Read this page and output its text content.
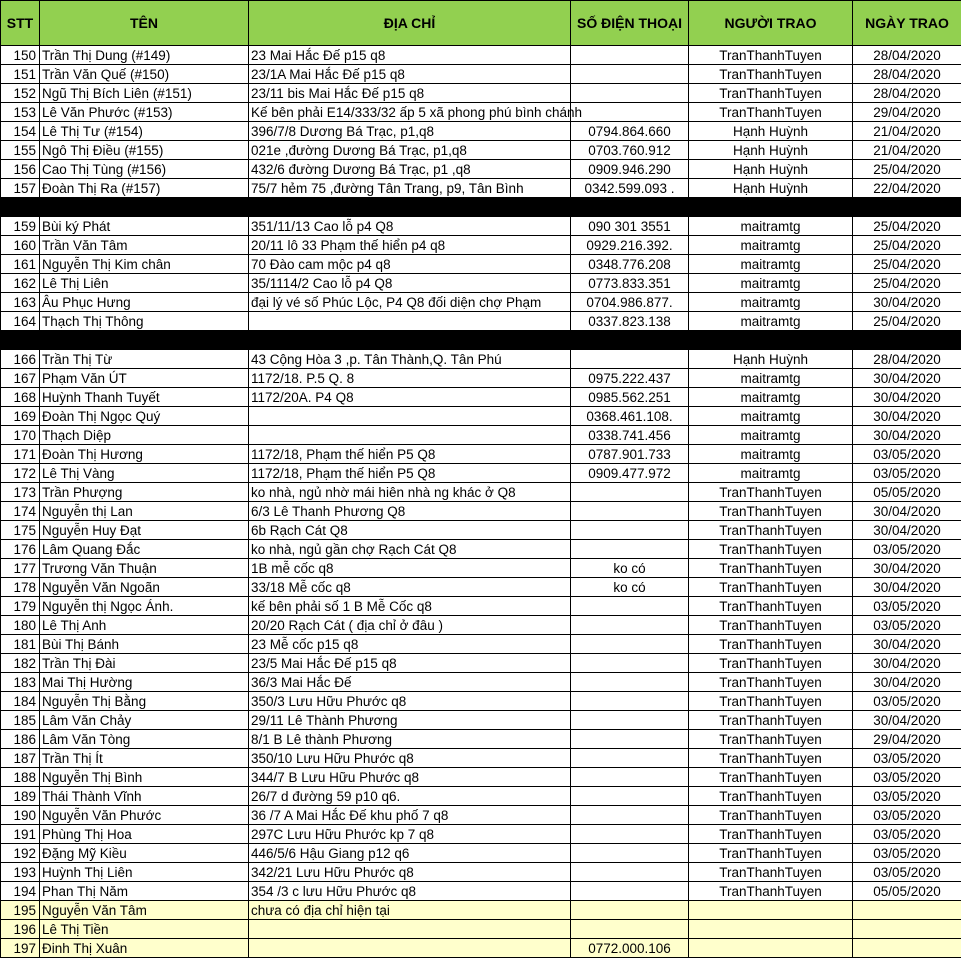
STT	TÊN	ĐỊA CHỈ	SỐ ĐIỆN THOẠI	NGƯỜI TRAO	NGÀY TRAO
150	Trần Thị Dung (#149)	23 Mai Hắc Đế p15 q8		TranThanhTuyen	28/04/2020
151	Trần Văn Quế (#150)	23/1A Mai Hắc Đế p15 q8		TranThanhTuyen	28/04/2020
152	Ngũ Thị Bích Liên (#151)	23/11 bis Mai Hắc Đế p15 q8		TranThanhTuyen	28/04/2020
153	Lê Văn Phước (#153)	Kế bên phải E14/333/32 ấp 5 xã phong phú bình chánh		TranThanhTuyen	29/04/2020
154	Lê Thị Tư (#154)	396/7/8 Dương Bá Trạc, p1,q8	0794.864.660	Hạnh Huỳnh	21/04/2020
155	Ngô Thị Điều (#155)	021e ,đường Dương Bá Trạc, p1,q8	0703.760.912	Hạnh Huỳnh	21/04/2020
156	Cao Thị Tùng (#156)	432/6 đường Dương Bá Trạc, p1 ,q8	0909.946.290	Hạnh Huỳnh	25/04/2020
157	Đoàn Thị Ra (#157)	75/7 hẻm 75 ,đường Tân Trang, p9, Tân Bình	0342.599.093 .	Hạnh Huỳnh	22/04/2020

159	Bùi ký Phát	351/11/13 Cao lỗ p4 Q8	090 301 3551	maitramtg	25/04/2020
160	Trần Văn Tâm	20/11 lô 33 Phạm thế hiển p4 q8	0929.216.392.	maitramtg	25/04/2020
161	Nguyễn Thị Kim chân	70 Đào cam mộc p4 q8	0348.776.208	maitramtg	25/04/2020
162	Lê Thị Liên	35/1114/2 Cao lỗ p4 Q8	0773.833.351	maitramtg	25/04/2020
163	Âu Phục Hưng	đại lý vé số Phúc Lộc, P4 Q8 đối diện chợ Phạm	0704.986.877.	maitramtg	30/04/2020
164	Thạch Thị Thông		0337.823.138	maitramtg	25/04/2020

166	Trần Thị Từ	43 Cộng Hòa 3 ,p. Tân Thành,Q. Tân Phú		Hạnh Huỳnh	28/04/2020
167	Phạm Văn ÚT	1172/18. P.5 Q. 8	0975.222.437	maitramtg	30/04/2020
168	Huỳnh Thanh Tuyết	1172/20A. P4 Q8	0985.562.251	maitramtg	30/04/2020
169	Đoàn Thị Ngọc Quý		0368.461.108.	maitramtg	30/04/2020
170	Thạch Diệp		0338.741.456	maitramtg	30/04/2020
171	Đoàn Thị Hương	1172/18, Phạm thế hiển P5 Q8	0787.901.733	maitramtg	03/05/2020
172	Lê Thị Vàng	1172/18, Phạm thế hiển P5 Q8	0909.477.972	maitramtg	03/05/2020
173	Trần Phượng	ko nhà, ngủ nhờ mái hiên nhà ng khác ở Q8		TranThanhTuyen	05/05/2020
174	Nguyễn thị Lan	6/3 Lê Thanh Phương Q8		TranThanhTuyen	30/04/2020
175	Nguyễn Huy Đạt	6b Rạch Cát Q8		TranThanhTuyen	30/04/2020
176	Lâm Quang Đắc	ko nhà, ngủ gần chợ Rạch Cát Q8		TranThanhTuyen	03/05/2020
177	Trương Văn Thuận	1B mễ cốc q8	ko có	TranThanhTuyen	30/04/2020
178	Nguyễn Văn Ngoãn	33/18 Mễ cốc q8	ko có	TranThanhTuyen	30/04/2020
179	Nguyễn thị Ngọc Ánh.	kế bên phải số 1 B Mễ Cốc q8		TranThanhTuyen	03/05/2020
180	Lê Thị Anh	20/20 Rạch Cát ( địa chỉ ở đâu )		TranThanhTuyen	03/05/2020
181	Bùi Thị Bánh	23 Mễ cốc p15 q8		TranThanhTuyen	30/04/2020
182	Trần Thị Đài	23/5 Mai Hắc Đế p15 q8		TranThanhTuyen	30/04/2020
183	Mai Thị Hường	36/3 Mai Hắc Đế		TranThanhTuyen	30/04/2020
184	Nguyễn Thị Bằng	350/3 Lưu Hữu Phước q8		TranThanhTuyen	03/05/2020
185	Lâm Văn Chảy	29/11 Lê Thành Phương		TranThanhTuyen	30/04/2020
186	Lâm Văn Tòng	8/1 B Lê thành Phương		TranThanhTuyen	29/04/2020
187	Trần Thị Ít	350/10 Lưu Hữu Phước q8		TranThanhTuyen	03/05/2020
188	Nguyễn Thị Bình	344/7 B Lưu Hữu Phước q8		TranThanhTuyen	03/05/2020
189	Thái Thành Vĩnh	26/7 d đường 59 p10 q6.		TranThanhTuyen	03/05/2020
190	Nguyễn Văn Phước	36 /7 A Mai Hắc Đế khu phố 7 q8		TranThanhTuyen	03/05/2020
191	Phùng Thị Hoa	297C Lưu Hữu Phước kp 7 q8		TranThanhTuyen	03/05/2020
192	Đặng Mỹ Kiều	446/5/6 Hậu Giang p12 q6		TranThanhTuyen	03/05/2020
193	Huỳnh Thị Liên	342/21 Lưu Hữu Phước q8		TranThanhTuyen	03/05/2020
194	Phan Thị Năm	354 /3 c lưu Hữu Phước q8		TranThanhTuyen	05/05/2020
195	Nguyễn Văn Tâm	chưa có địa chỉ hiện tại			
196	Lê Thị Tiền				
197	Đinh Thị Xuân		0772.000.106		
